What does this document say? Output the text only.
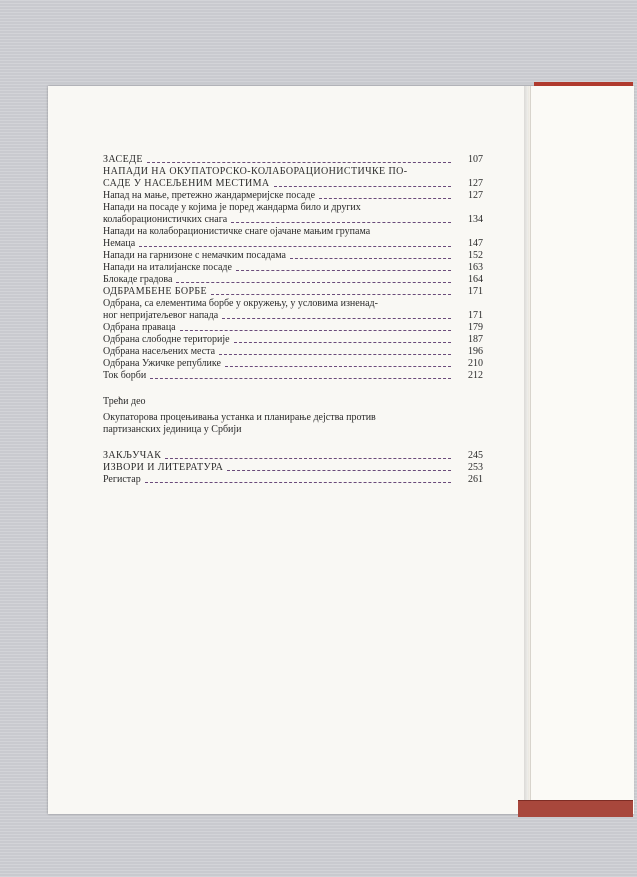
ЗАСЕДЕ	107
НАПАДИ НА ОКУПАТОРСКО-КОЛАБОРАЦИОНИСТИЧКЕ ПО-
САДЕ У НАСЕЉЕНИМ МЕСТИМА	127
Напад на мање, претежно жандармеријске посаде	127
Напади на посаде у којима је поред жандарма било и других
колаборационистичких снага	134
Напади на колаборационистичке снаге ојачане мањим групама
Немаца	147
Напади на гарнизоне с немачким посадама	152
Напади на италијанске посаде	163
Блокаде градова	164
ОДБРАМБЕНЕ БОРБЕ	171
Одбрана, са елементима борбе у окружењу, у условима изненад-
ног непријатељевог напада	171
Одбрана праваца	179
Одбрана слободне територије	187
Одбрана насељених места	196
Одбрана Ужичке републике	210
Ток борби	212
Трећи део
Окупаторова процењивања устанка и планирање дејства против
партизанских јединица у Србији
ЗАКЉУЧАК	245
ИЗВОРИ И ЛИТЕРАТУРА	253
Регистар	261
